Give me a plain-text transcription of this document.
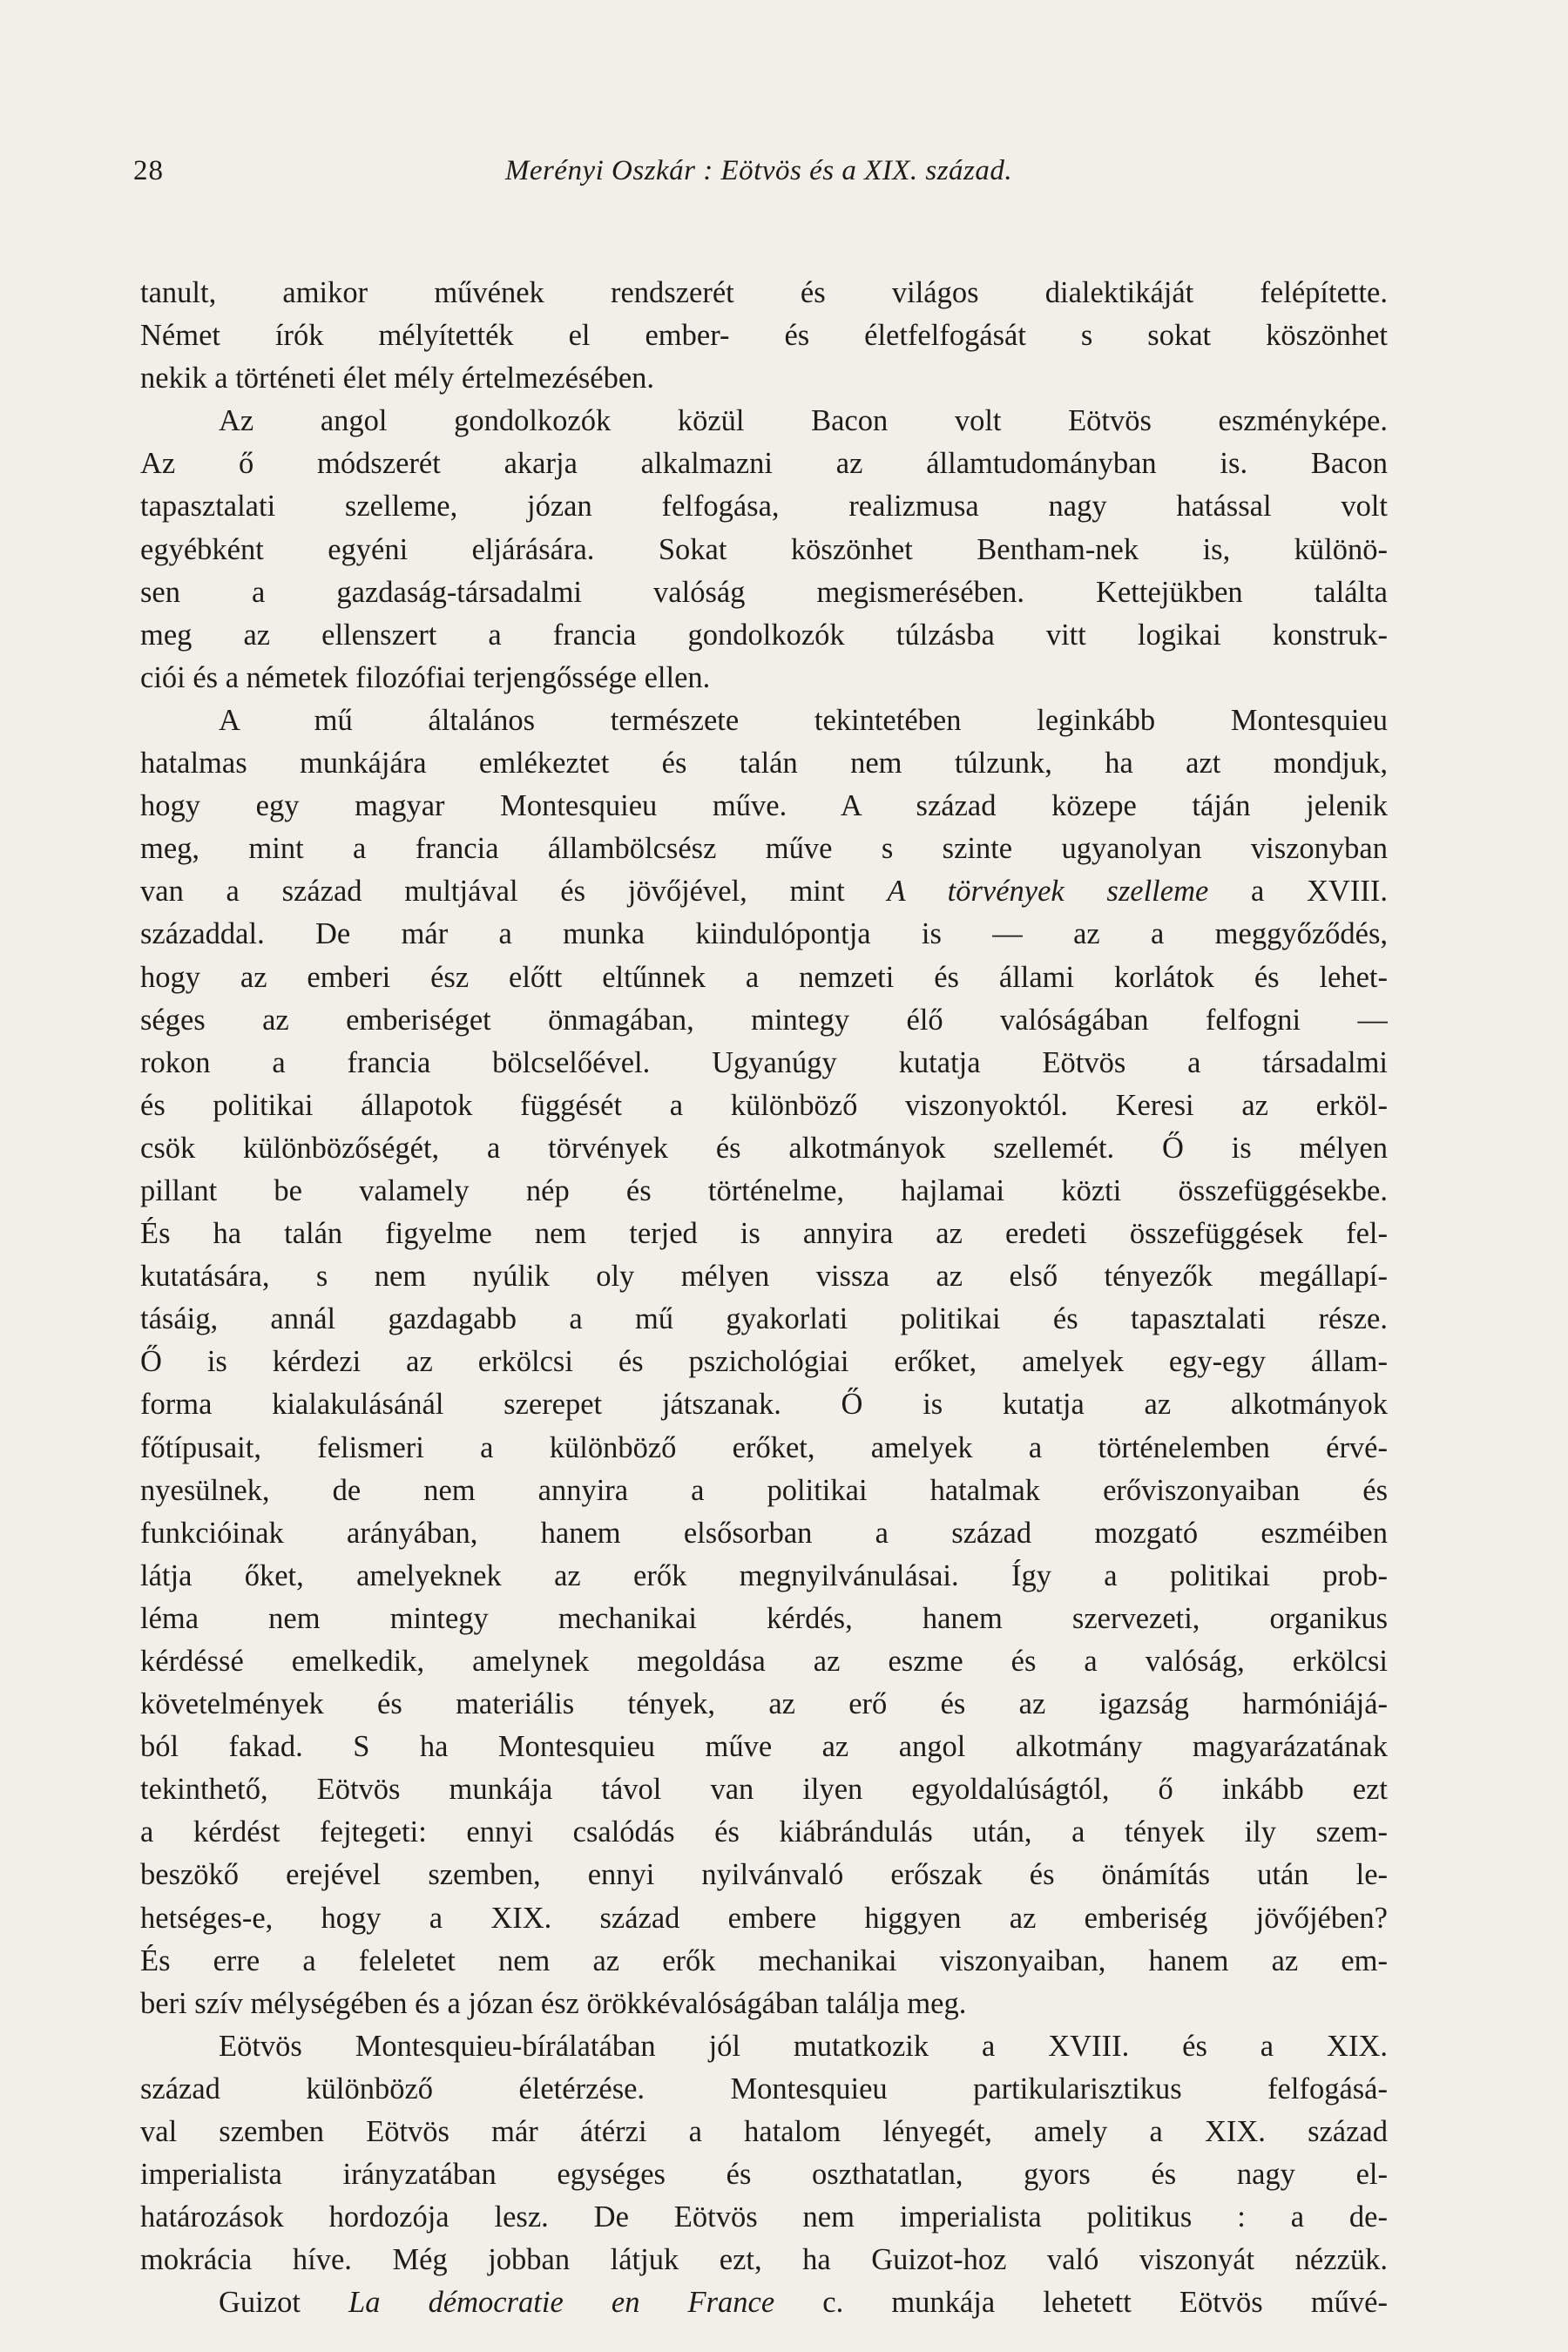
28	Merényi Oszkár : Eötvös és a XIX. század.
tanult, amikor művének rendszerét és világos dialektikáját felépítette.
Német írók mélyítették el ember- és életfelfogását s sokat köszönhet
nekik a történeti élet mély értelmezésében.
Az angol gondolkozók közül Bacon volt Eötvös eszményképe.
Az ő módszerét akarja alkalmazni az államtudományban is. Bacon
tapasztalati szelleme, józan felfogása, realizmusa nagy hatással volt
egyébként egyéni eljárására. Sokat köszönhet Bentham-nek is, különö-
sen a gazdaság-társadalmi valóság megismerésében. Kettejükben találta
meg az ellenszert a francia gondolkozók túlzásba vitt logikai konstruk-
ciói és a németek filozófiai terjengőssége ellen.
A mű általános természete tekintetében leginkább Montesquieu
hatalmas munkájára emlékeztet és talán nem túlzunk, ha azt mondjuk,
hogy egy magyar Montesquieu műve. A század közepe táján jelenik
meg, mint a francia állambölcsész műve s szinte ugyanolyan viszonyban
van a század multjával és jövőjével, mint A törvények szelleme a XVIII.
századdal. De már a munka kiindulópontja is — az a meggyőződés,
hogy az emberi ész előtt eltűnnek a nemzeti és állami korlátok és lehet-
séges az emberiséget önmagában, mintegy élő valóságában felfogni —
rokon a francia bölcselőével. Ugyanúgy kutatja Eötvös a társadalmi
és politikai állapotok függését a különböző viszonyoktól. Keresi az erköl-
csök különbözőségét, a törvények és alkotmányok szellemét. Ő is mélyen
pillant be valamely nép és történelme, hajlamai közti összefüggésekbe.
És ha talán figyelme nem terjed is annyira az eredeti összefüggések fel-
kutatására, s nem nyúlik oly mélyen vissza az első tényezők megállapí-
tásáig, annál gazdagabb a mű gyakorlati politikai és tapasztalati része.
Ő is kérdezi az erkölcsi és pszichológiai erőket, amelyek egy-egy állam-
forma kialakulásánál szerepet játszanak. Ő is kutatja az alkotmányok
főtípusait, felismeri a különböző erőket, amelyek a történelemben érvé-
nyesülnek, de nem annyira a politikai hatalmak erőviszonyaiban és
funkcióinak arányában, hanem elsősorban a század mozgató eszméiben
látja őket, amelyeknek az erők megnyilvánulásai. Így a politikai prob-
léma nem mintegy mechanikai kérdés, hanem szervezeti, organikus
kérdéssé emelkedik, amelynek megoldása az eszme és a valóság, erkölcsi
követelmények és materiális tények, az erő és az igazság harmóniájá-
ból fakad. S ha Montesquieu műve az angol alkotmány magyarázatának
tekinthető, Eötvös munkája távol van ilyen egyoldalúságtól, ő inkább ezt
a kérdést fejtegeti: ennyi csalódás és kiábrándulás után, a tények ily szem-
beszökő erejével szemben, ennyi nyilvánvaló erőszak és önámítás után le-
hetséges-e, hogy a XIX. század embere higgyen az emberiség jövőjében?
És erre a feleletet nem az erők mechanikai viszonyaiban, hanem az em-
beri szív mélységében és a józan ész örökkévalóságában találja meg.
Eötvös Montesquieu-bírálatában jól mutatkozik a XVIII. és a XIX.
század különböző életérzése. Montesquieu partikularisztikus felfogásá-
val szemben Eötvös már átérzi a hatalom lényegét, amely a XIX. század
imperialista irányzatában egységes és oszthatatlan, gyors és nagy el-
határozások hordozója lesz. De Eötvös nem imperialista politikus : a de-
mokrácia híve. Még jobban látjuk ezt, ha Guizot-hoz való viszonyát nézzük.
Guizot La démocratie en France c. munkája lehetett Eötvös művé-
